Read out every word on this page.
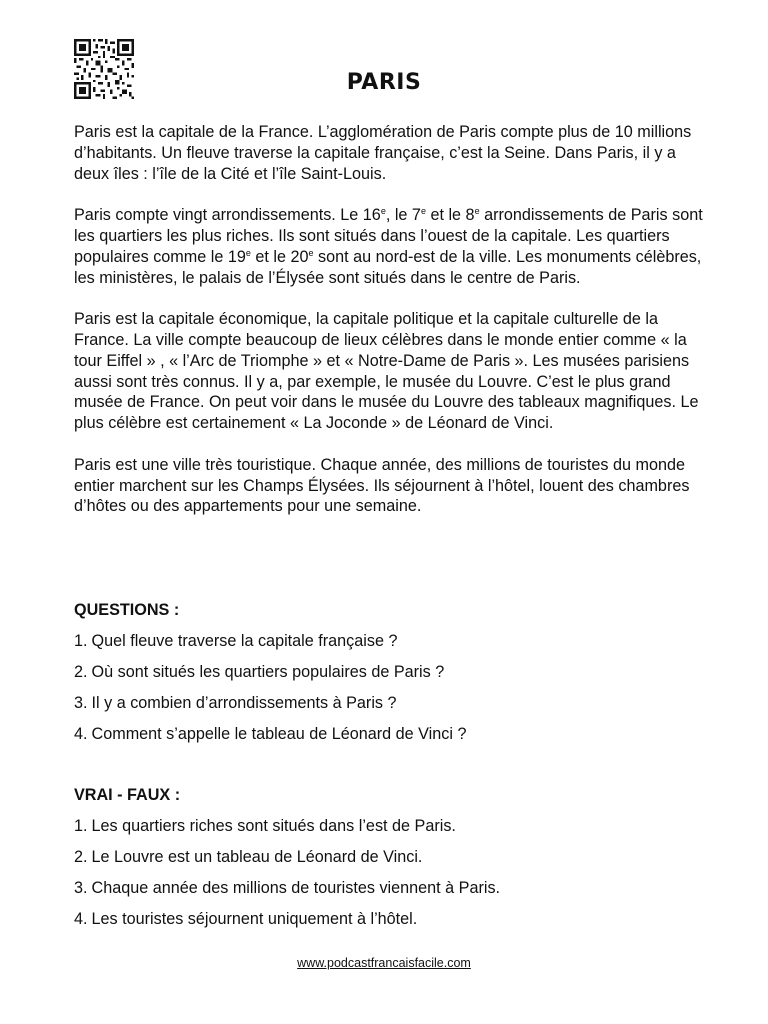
PARIS

Paris est la capitale de la France. L’agglomération de Paris compte plus de 10 millions d’habitants. Un fleuve traverse la capitale française, c’est la Seine. Dans Paris, il y a deux îles : l’île de la Cité et l’île Saint-Louis.

Paris compte vingt arrondissements. Le 16e, le 7e et le 8e arrondissements de Paris sont les quartiers les plus riches. Ils sont situés dans l’ouest de la capitale. Les quartiers populaires comme le 19e et le 20e sont au nord-est de la ville. Les monuments célèbres, les ministères, le palais de l’Élysée sont situés dans le centre de Paris.

Paris est la capitale économique, la capitale politique et la capitale culturelle de la France. La ville compte beaucoup de lieux célèbres dans le monde entier comme « la tour Eiffel » , « l’Arc de Triomphe » et « Notre-Dame de Paris ». Les musées parisiens aussi sont très connus. Il y a, par exemple, le musée du Louvre. C’est le plus grand musée de France. On peut voir dans le musée du Louvre des tableaux magnifiques. Le plus célèbre est certainement « La Joconde » de Léonard de Vinci.

Paris est une ville très touristique. Chaque année, des millions de touristes du monde entier marchent sur les Champs Élysées. Ils séjournent à l’hôtel, louent des chambres d’hôtes ou des appartements pour une semaine.

QUESTIONS :

1. Quel fleuve traverse la capitale française ?
2. Où sont situés les quartiers populaires de Paris ?
3. Il y a combien d’arrondissements à Paris ?
4. Comment s’appelle le tableau de Léonard de Vinci ?

VRAI - FAUX :

1. Les quartiers riches sont situés dans l’est de Paris.
2. Le Louvre est un tableau de Léonard de Vinci.
3. Chaque année des millions de touristes viennent à Paris.
4. Les touristes séjournent uniquement à l’hôtel.
www.podcastfrancaisfacile.com
